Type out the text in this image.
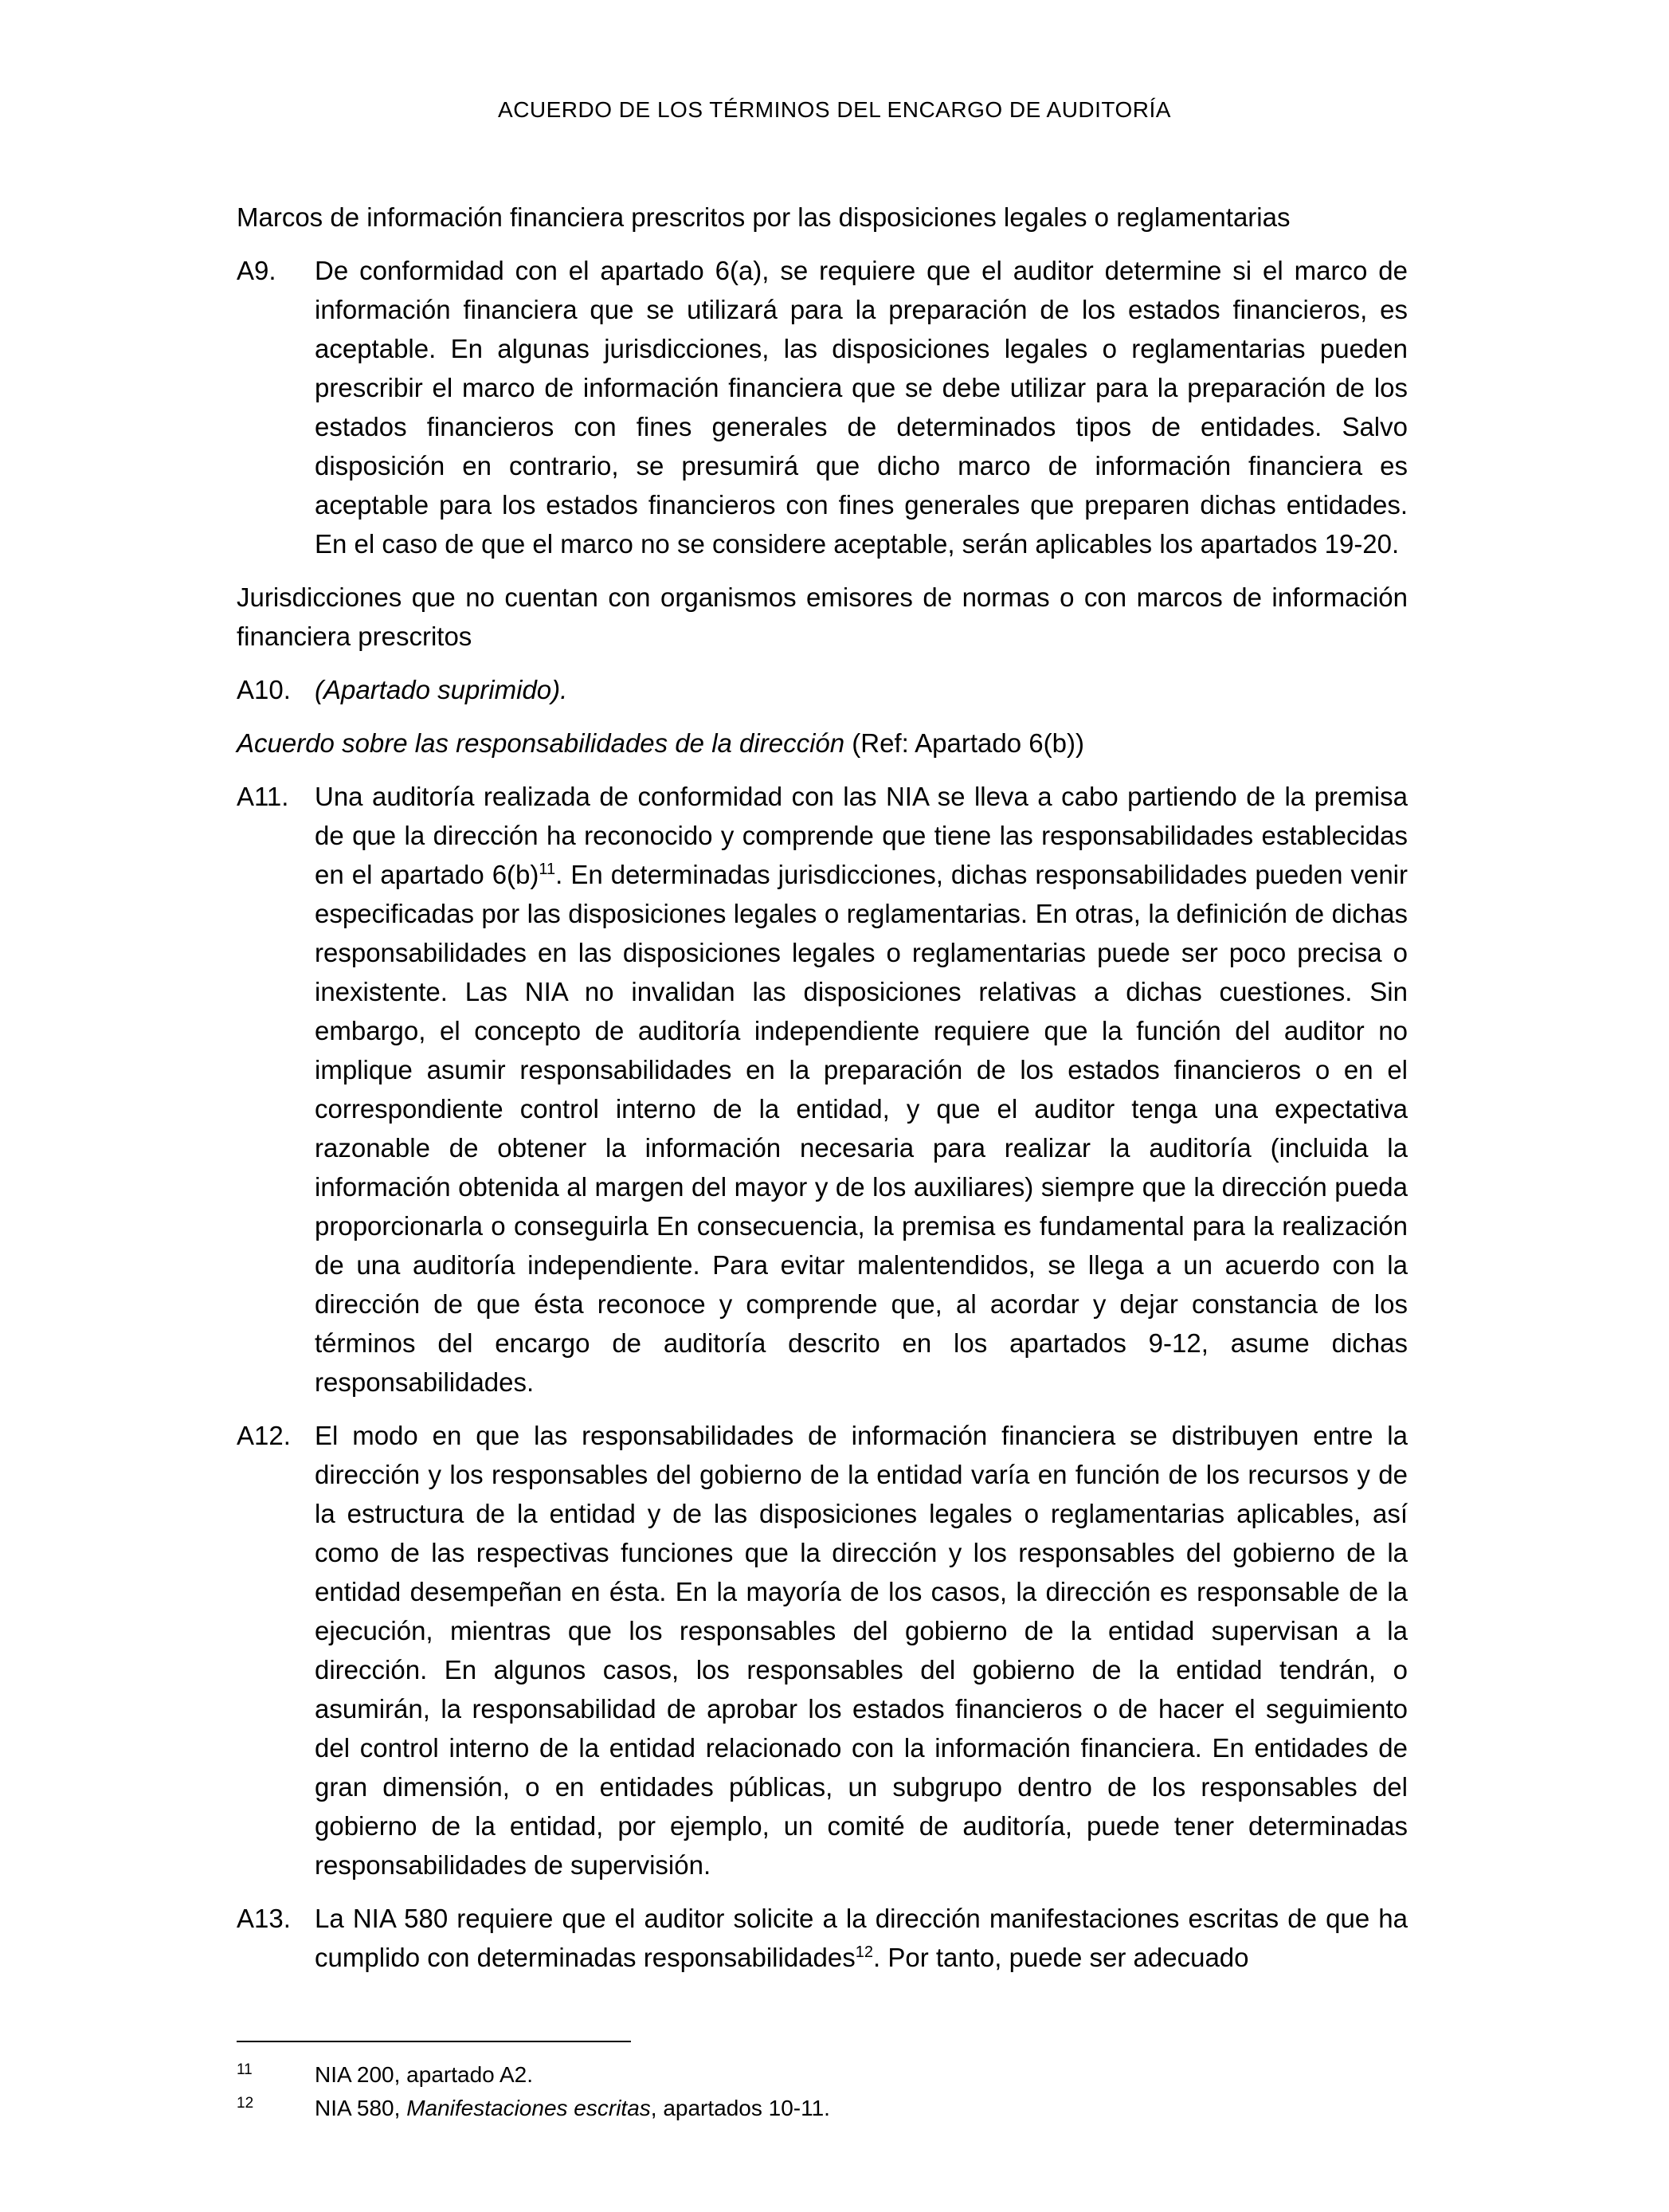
ACUERDO DE LOS TÉRMINOS DEL ENCARGO DE AUDITORÍA

Marcos de información financiera prescritos por las disposiciones legales o reglamentarias

A9.	De conformidad con el apartado 6(a), se requiere que el auditor determine si el marco de información financiera que se utilizará para la preparación de los estados financieros, es aceptable. En algunas jurisdicciones, las disposiciones legales o reglamentarias pueden prescribir el marco de información financiera que se debe utilizar para la preparación de los estados financieros con fines generales de determinados tipos de entidades. Salvo disposición en contrario, se presumirá que dicho marco de información financiera es aceptable para los estados financieros con fines generales que preparen dichas entidades. En el caso de que el marco no se considere aceptable, serán aplicables los apartados 19-20.

Jurisdicciones que no cuentan con organismos emisores de normas o con marcos de información financiera prescritos

A10. (Apartado suprimido).

Acuerdo sobre las responsabilidades de la dirección (Ref: Apartado 6(b))

A11. Una auditoría realizada de conformidad con las NIA se lleva a cabo partiendo de la premisa de que la dirección ha reconocido y comprende que tiene las responsabilidades establecidas en el apartado $6(b)^{11}$. En determinadas jurisdicciones, dichas responsabilidades pueden venir especificadas por las disposiciones legales o reglamentarias. En otras, la definición de dichas responsabilidades en las disposiciones legales o reglamentarias puede ser poco precisa o inexistente. Las NIA no invalidan las disposiciones relativas a dichas cuestiones. Sin embargo, el concepto de auditoría independiente requiere que la función del auditor no implique asumir responsabilidades en la preparación de los estados financieros o en el correspondiente control interno de la entidad, y que el auditor tenga una expectativa razonable de obtener la información necesaria para realizar la auditoría (incluida la información obtenida al margen del mayor y de los auxiliares) siempre que la dirección pueda proporcionarla o conseguirla En consecuencia, la premisa es fundamental para la realización de una auditoría independiente. Para evitar malentendidos, se llega a un acuerdo con la dirección de que ésta reconoce y comprende que, al acordar y dejar constancia de los términos del encargo de auditoría descrito en los apartados 9-12, asume dichas responsabilidades.
A12. El modo en que las responsabilidades de información financiera se distribuyen entre la dirección y los responsables del gobierno de la entidad varía en función de los recursos y de la estructura de la entidad y de las disposiciones legales o reglamentarias aplicables, así como de las respectivas funciones que la dirección y los responsables del gobierno de la entidad desempeñan en ésta. En la mayoría de los casos, la dirección es responsable de la ejecución, mientras que los responsables del gobierno de la entidad supervisan a la dirección. En algunos casos, los responsables del gobierno de la entidad tendrán, o asumirán, la responsabilidad de aprobar los estados financieros o de hacer el seguimiento del control interno de la entidad relacionado con la información financiera. En entidades de gran dimensión, o en entidades públicas, un subgrupo dentro de los responsables del gobierno de la entidad, por ejemplo, un comité de auditoría, puede tener determinadas responsabilidades de supervisión.
A13. La NIA 580 requiere que el auditor solicite a la dirección manifestaciones escritas de que ha cumplido con determinadas responsabilidades$^{12}$. Por tanto, puede ser adecuado
11	NIA 200, apartado A2.
12	NIA 580, Manifestaciones escritas, apartados 10-11.
